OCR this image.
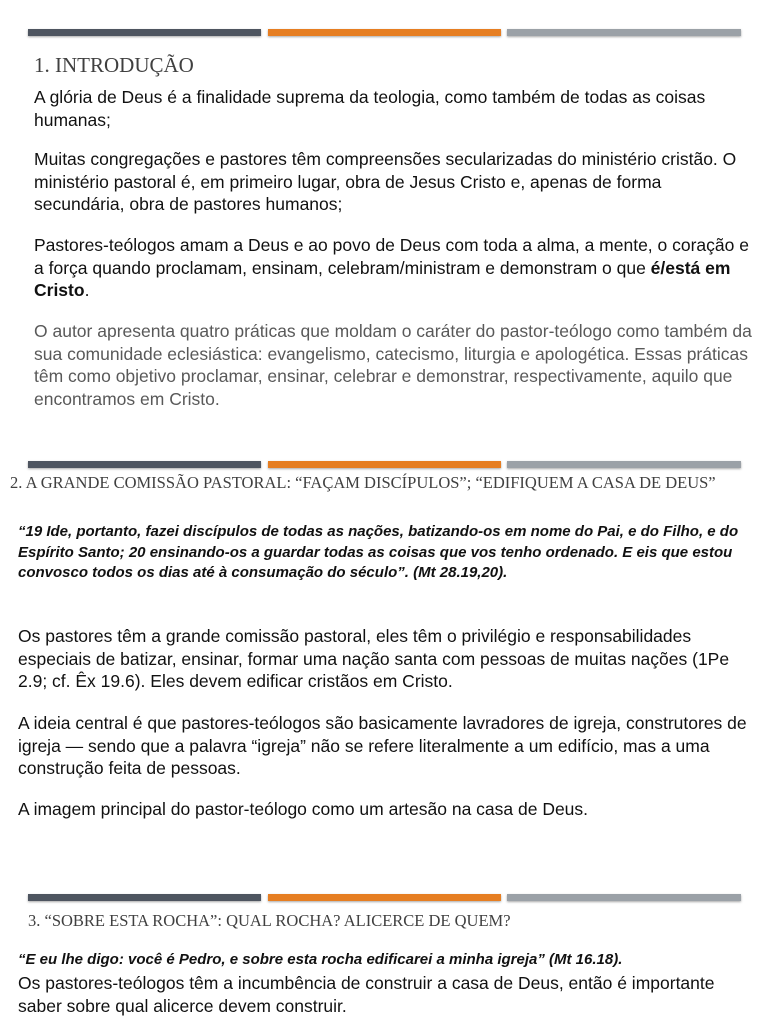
1. INTRODUÇÃO

A glória de Deus é a finalidade suprema da teologia, como também de todas as coisas humanas;

Muitas congregações e pastores têm compreensões secularizadas do ministério cristão. O ministério pastoral é, em primeiro lugar, obra de Jesus Cristo e, apenas de forma secundária, obra de pastores humanos;

Pastores-teólogos amam a Deus e ao povo de Deus com toda a alma, a mente, o coração e a força quando proclamam, ensinam, celebram/ministram e demonstram o que é/está em Cristo.

O autor apresenta quatro práticas que moldam o caráter do pastor-teólogo como também da sua comunidade eclesiástica: evangelismo, catecismo, liturgia e apologética. Essas práticas têm como objetivo proclamar, ensinar, celebrar e demonstrar, respectivamente, aquilo que encontramos em Cristo.

2. A GRANDE COMISSÃO PASTORAL: “FAÇAM DISCÍPULOS”; “EDIFIQUEM A CASA DE DEUS”

“19 Ide, portanto, fazei discípulos de todas as nações, batizando-os em nome do Pai, e do Filho, e do Espírito Santo; 20 ensinando-os a guardar todas as coisas que vos tenho ordenado. E eis que estou convosco todos os dias até à consumação do século”. (Mt 28.19,20).

Os pastores têm a grande comissão pastoral, eles têm o privilégio e responsabilidades especiais de batizar, ensinar, formar uma nação santa com pessoas de muitas nações (1Pe 2.9; cf. Êx 19.6). Eles devem edificar cristãos em Cristo.

A ideia central é que pastores-teólogos são basicamente lavradores de igreja, construtores de igreja — sendo que a palavra “igreja” não se refere literalmente a um edifício, mas a uma construção feita de pessoas.

A imagem principal do pastor-teólogo como um artesão na casa de Deus.

3. “SOBRE ESTA ROCHA”: QUAL ROCHA? ALICERCE DE QUEM?

“E eu lhe digo: você é Pedro, e sobre esta rocha edificarei a minha igreja” (Mt 16.18).

Os pastores-teólogos têm a incumbência de construir a casa de Deus, então é importante saber sobre qual alicerce devem construir.
